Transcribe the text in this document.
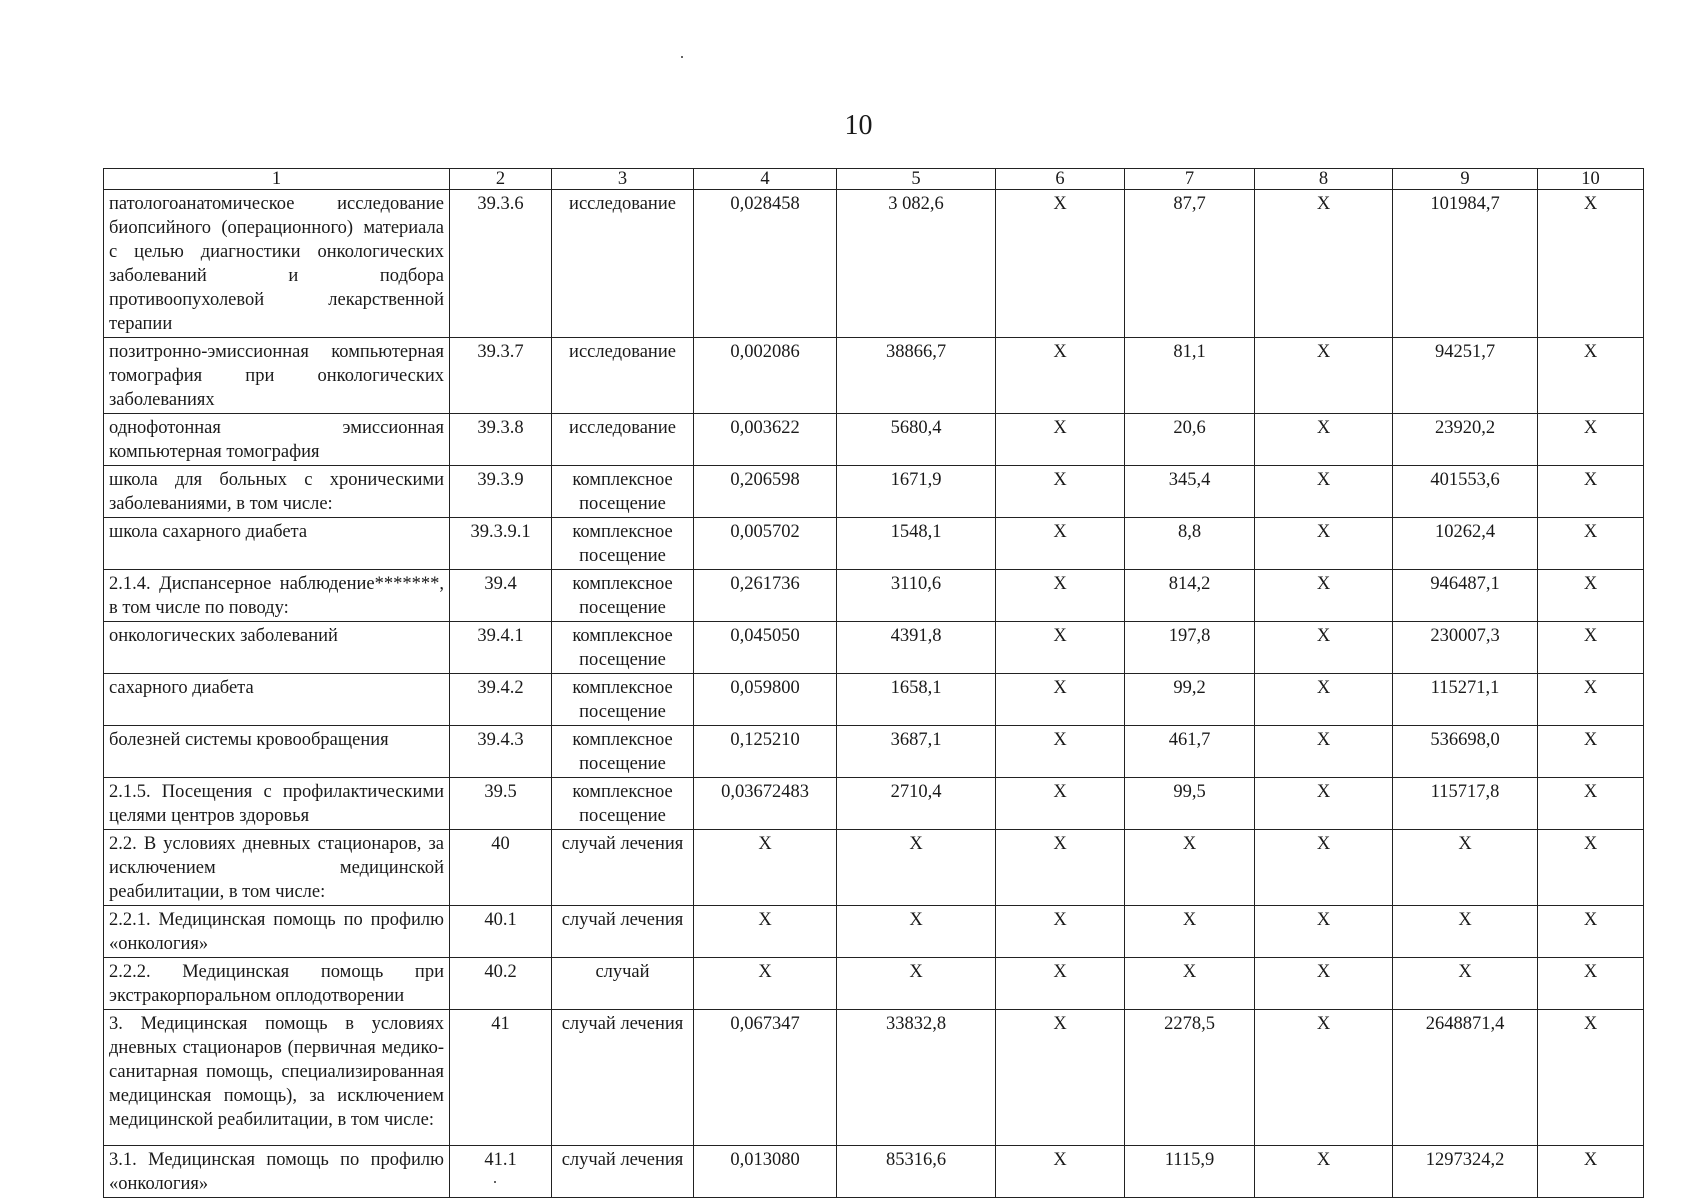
10
1	2	3	4	5	6	7	8	9	10
патологоанатомическое исследование биопсийного (операционного) материала с целью диагностики онкологических заболеваний и подбора противоопухолевой лекарственной терапии	39.3.6	исследование	0,028458	3 082,6	X	87,7	X	101984,7	X
позитронно-эмиссионная компьютерная томография при онкологических заболеваниях	39.3.7	исследование	0,002086	38866,7	X	81,1	X	94251,7	X
однофотонная эмиссионная компьютерная томография	39.3.8	исследование	0,003622	5680,4	X	20,6	X	23920,2	X
школа для больных с хроническими заболеваниями, в том числе:	39.3.9	комплексное посещение	0,206598	1671,9	X	345,4	X	401553,6	X
школа сахарного диабета	39.3.9.1	комплексное посещение	0,005702	1548,1	X	8,8	X	10262,4	X
2.1.4. Диспансерное наблюдение*******, в том числе по поводу:	39.4	комплексное посещение	0,261736	3110,6	X	814,2	X	946487,1	X
онкологических заболеваний	39.4.1	комплексное посещение	0,045050	4391,8	X	197,8	X	230007,3	X
сахарного диабета	39.4.2	комплексное посещение	0,059800	1658,1	X	99,2	X	115271,1	X
болезней системы кровообращения	39.4.3	комплексное посещение	0,125210	3687,1	X	461,7	X	536698,0	X
2.1.5. Посещения с профилактическими целями центров здоровья	39.5	комплексное посещение	0,03672483	2710,4	X	99,5	X	115717,8	X
2.2. В условиях дневных стационаров, за исключением медицинской реабилитации, в том числе:	40	случай лечения	X	X	X	X	X	X	X
2.2.1. Медицинская помощь по профилю «онкология»	40.1	случай лечения	X	X	X	X	X	X	X
2.2.2. Медицинская помощь при экстракорпоральном оплодотворении	40.2	случай	X	X	X	X	X	X	X
3. Медицинская помощь в условиях дневных стационаров (первичная медико-санитарная помощь, специализированная медицинская помощь), за исключением медицинской реабилитации, в том числе:	41	случай лечения	0,067347	33832,8	X	2278,5	X	2648871,4	X
3.1. Медицинская помощь по профилю «онкология»	41.1	случай лечения	0,013080	85316,6	X	1115,9	X	1297324,2	X
